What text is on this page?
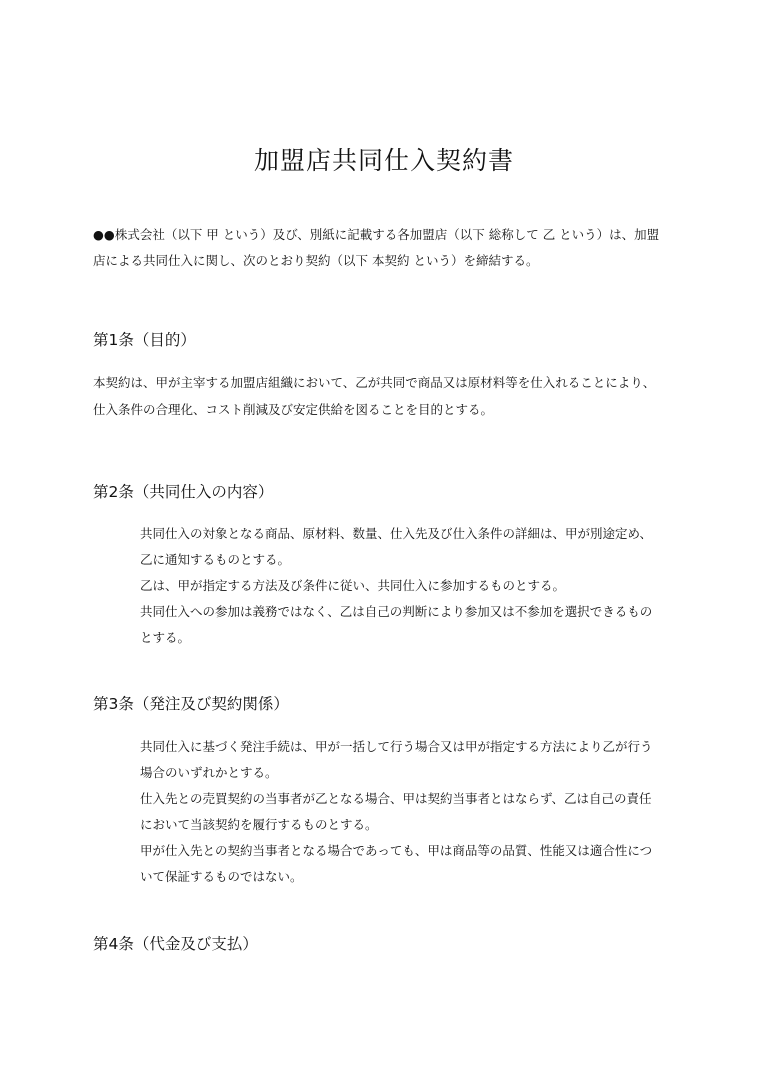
加盟店共同仕入契約書

●●株式会社（以下 甲 という）及び、別紙に記載する各加盟店（以下 総称して 乙 という）は、加盟

店による共同仕入に関し、次のとおり契約（以下 本契約 という）を締結する。

第1条（目的）

本契約は、甲が主宰する加盟店組織において、乙が共同で商品又は原材料等を仕入れることにより、

仕入条件の合理化、コスト削減及び安定供給を図ることを目的とする。

第2条（共同仕入の内容）

共同仕入の対象となる商品、原材料、数量、仕入先及び仕入条件の詳細は、甲が別途定め、

乙に通知するものとする。

乙は、甲が指定する方法及び条件に従い、共同仕入に参加するものとする。

共同仕入への参加は義務ではなく、乙は自己の判断により参加又は不参加を選択できるもの

とする。

第3条（発注及び契約関係）

共同仕入に基づく発注手続は、甲が一括して行う場合又は甲が指定する方法により乙が行う

場合のいずれかとする。

仕入先との売買契約の当事者が乙となる場合、甲は契約当事者とはならず、乙は自己の責任

において当該契約を履行するものとする。

甲が仕入先との契約当事者となる場合であっても、甲は商品等の品質、性能又は適合性につ

いて保証するものではない。

第4条（代金及び支払）
